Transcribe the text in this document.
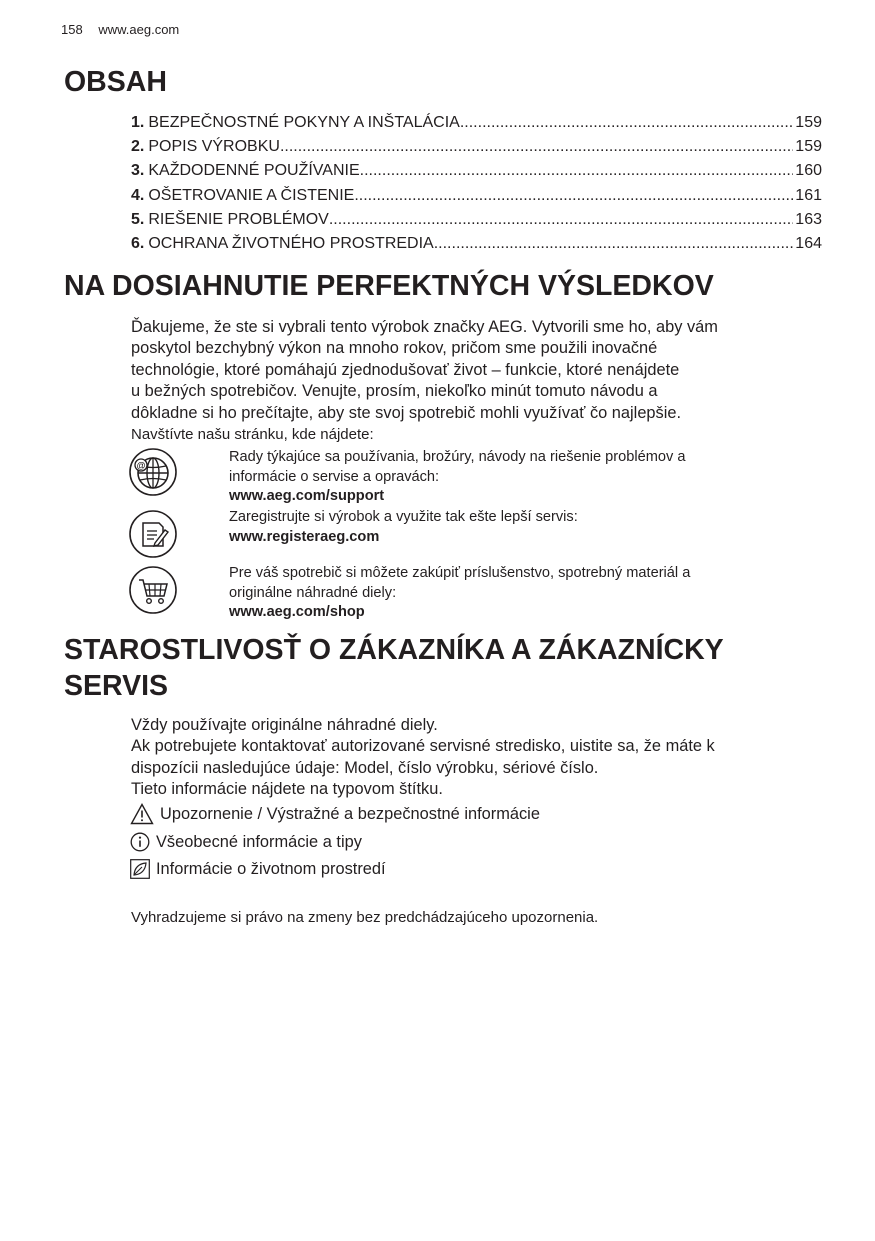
158 www.aeg.com
OBSAH
1. BEZPEČNOSTNÉ POKYNY A INŠTALÁCIA .....	159
2. POPIS VÝROBKU .....	159
3. KAŽDODENNÉ POUŽÍVANIE .....	160
4. OŠETROVANIE A ČISTENIE .....	161
5. RIEŠENIE PROBLÉMOV .....	163
6. OCHRANA ŽIVOTNÉHO PROSTREDIA .....	164
NA DOSIAHNUTIE PERFEKTNÝCH VÝSLEDKOV
Ďakujeme, že ste si vybrali tento výrobok značky AEG. Vytvorili sme ho, aby vám
poskytol bezchybný výkon na mnoho rokov, pričom sme použili inovačné
technológie, ktoré pomáhajú zjednodušovať život – funkcie, ktoré nenájdete
u bežných spotrebičov. Venujte, prosím, niekoľko minút tomuto návodu a
dôkladne si ho prečítajte, aby ste svoj spotrebič mohli využívať čo najlepšie.
Navštívte našu stránku, kde nájdete:
@
Rady týkajúce sa používania, brožúry, návody na riešenie problémov a
informácie o servise a opravách:
www.aeg.com/support
Zaregistrujte si výrobok a využite tak ešte lepší servis:
www.registeraeg.com
Pre váš spotrebič si môžete zakúpiť príslušenstvo, spotrebný materiál a
originálne náhradné diely:
www.aeg.com/shop
STAROSTLIVOSŤ O ZÁKAZNÍKA A ZÁKAZNÍCKY
SERVIS
Vždy používajte originálne náhradné diely.
Ak potrebujete kontaktovať autorizované servisné stredisko, uistite sa, že máte k
dispozícii nasledujúce údaje: Model, číslo výrobku, sériové číslo.
Tieto informácie nájdete na typovom štítku.
Upozornenie / Výstražné a bezpečnostné informácie
Všeobecné informácie a tipy
Informácie o životnom prostredí
Vyhradzujeme si právo na zmeny bez predchádzajúceho upozornenia.
